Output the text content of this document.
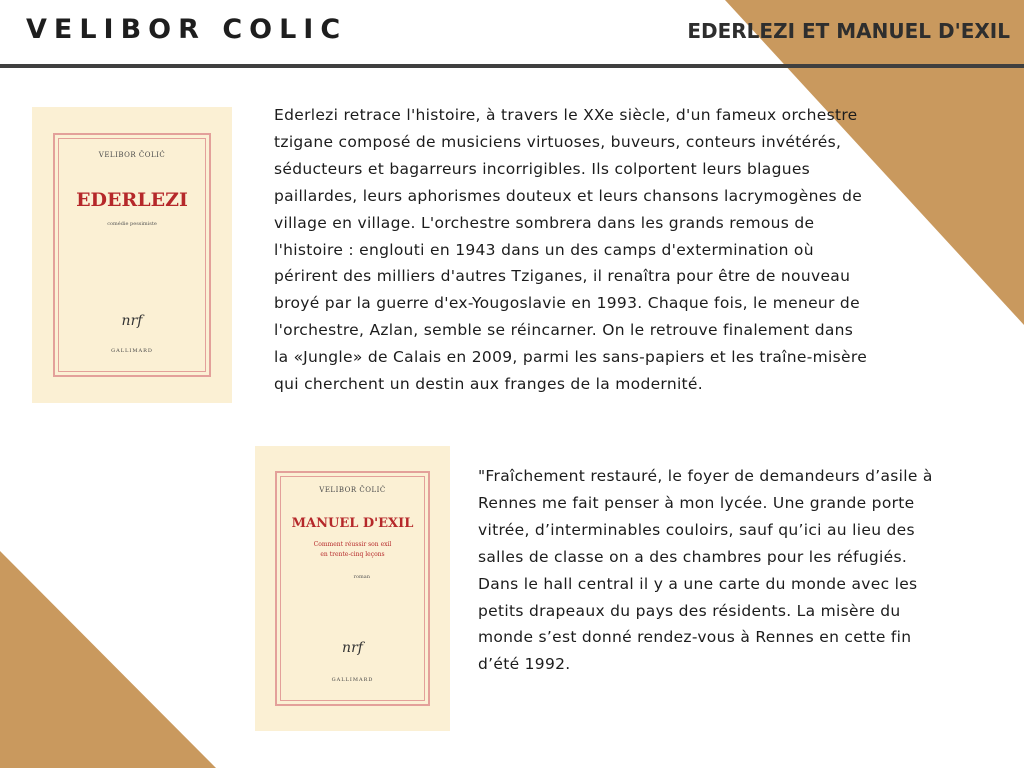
VELIBOR COLIC	EDERLEZI ET MANUEL D'EXIL
VELIBOR ČOLIĆ
EDERLEZI
comédie pessimiste
nrf
GALLIMARD
VELIBOR ČOLIĆ
MANUEL D'EXIL
Comment réussir son exil
en trente-cinq leçons
roman
nrf
GALLIMARD
Ederlezi retrace l'histoire, à travers le XXe siècle, d'un fameux orchestre
tzigane composé de musiciens virtuoses, buveurs, conteurs invétérés,
séducteurs et bagarreurs incorrigibles. Ils colportent leurs blagues
paillardes, leurs aphorismes douteux et leurs chansons lacrymogènes de
village en village. L'orchestre sombrera dans les grands remous de
l'histoire : englouti en 1943 dans un des camps d'extermination où
périrent des milliers d'autres Tziganes, il renaîtra pour être de nouveau
broyé par la guerre d'ex-Yougoslavie en 1993. Chaque fois, le meneur de
l'orchestre, Azlan, semble se réincarner. On le retrouve finalement dans
la «Jungle» de Calais en 2009, parmi les sans-papiers et les traîne-misère
qui cherchent un destin aux franges de la modernité.
"Fraîchement restauré, le foyer de demandeurs d’asile à
Rennes me fait penser à mon lycée. Une grande porte
vitrée, d’interminables couloirs, sauf qu’ici au lieu des
salles de classe on a des chambres pour les réfugiés.
Dans le hall central il y a une carte du monde avec les
petits drapeaux du pays des résidents. La misère du
monde s’est donné rendez-vous à Rennes en cette fin
d’été 1992.
